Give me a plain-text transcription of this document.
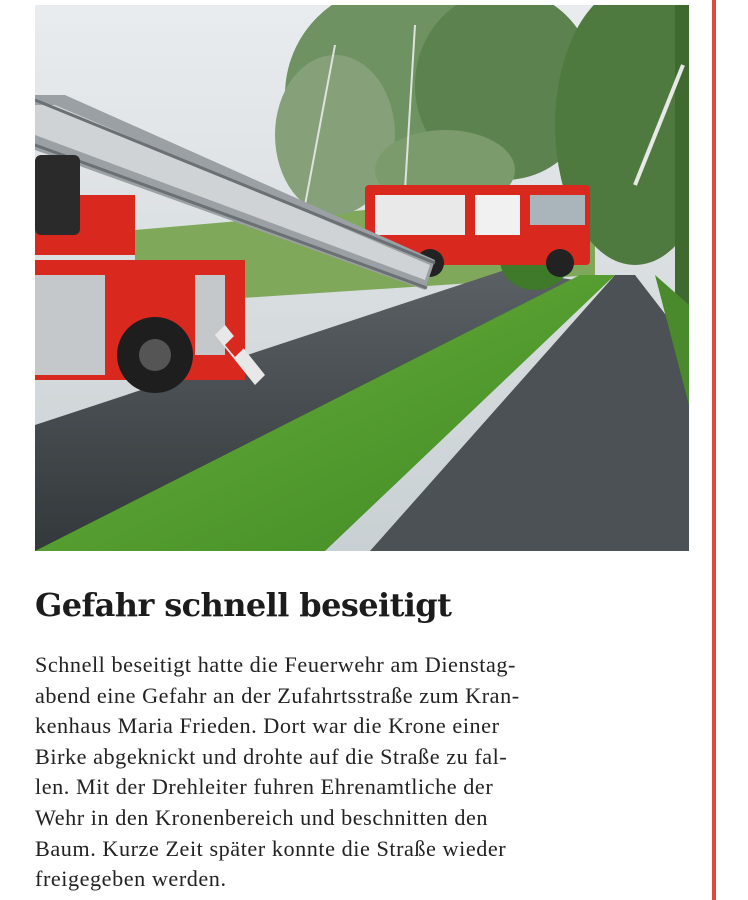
Gefahr schnell beseitigt
Schnell beseitigt hatte die Feuerwehr am Dienstag-
abend eine Gefahr an der Zufahrtsstraße zum Kran-
kenhaus Maria Frieden. Dort war die Krone einer
Birke abgeknickt und drohte auf die Straße zu fal-
len. Mit der Drehleiter fuhren Ehrenamtliche der
Wehr in den Kronenbereich und beschnitten den
Baum. Kurze Zeit später konnte die Straße wieder
freigegeben werden.
